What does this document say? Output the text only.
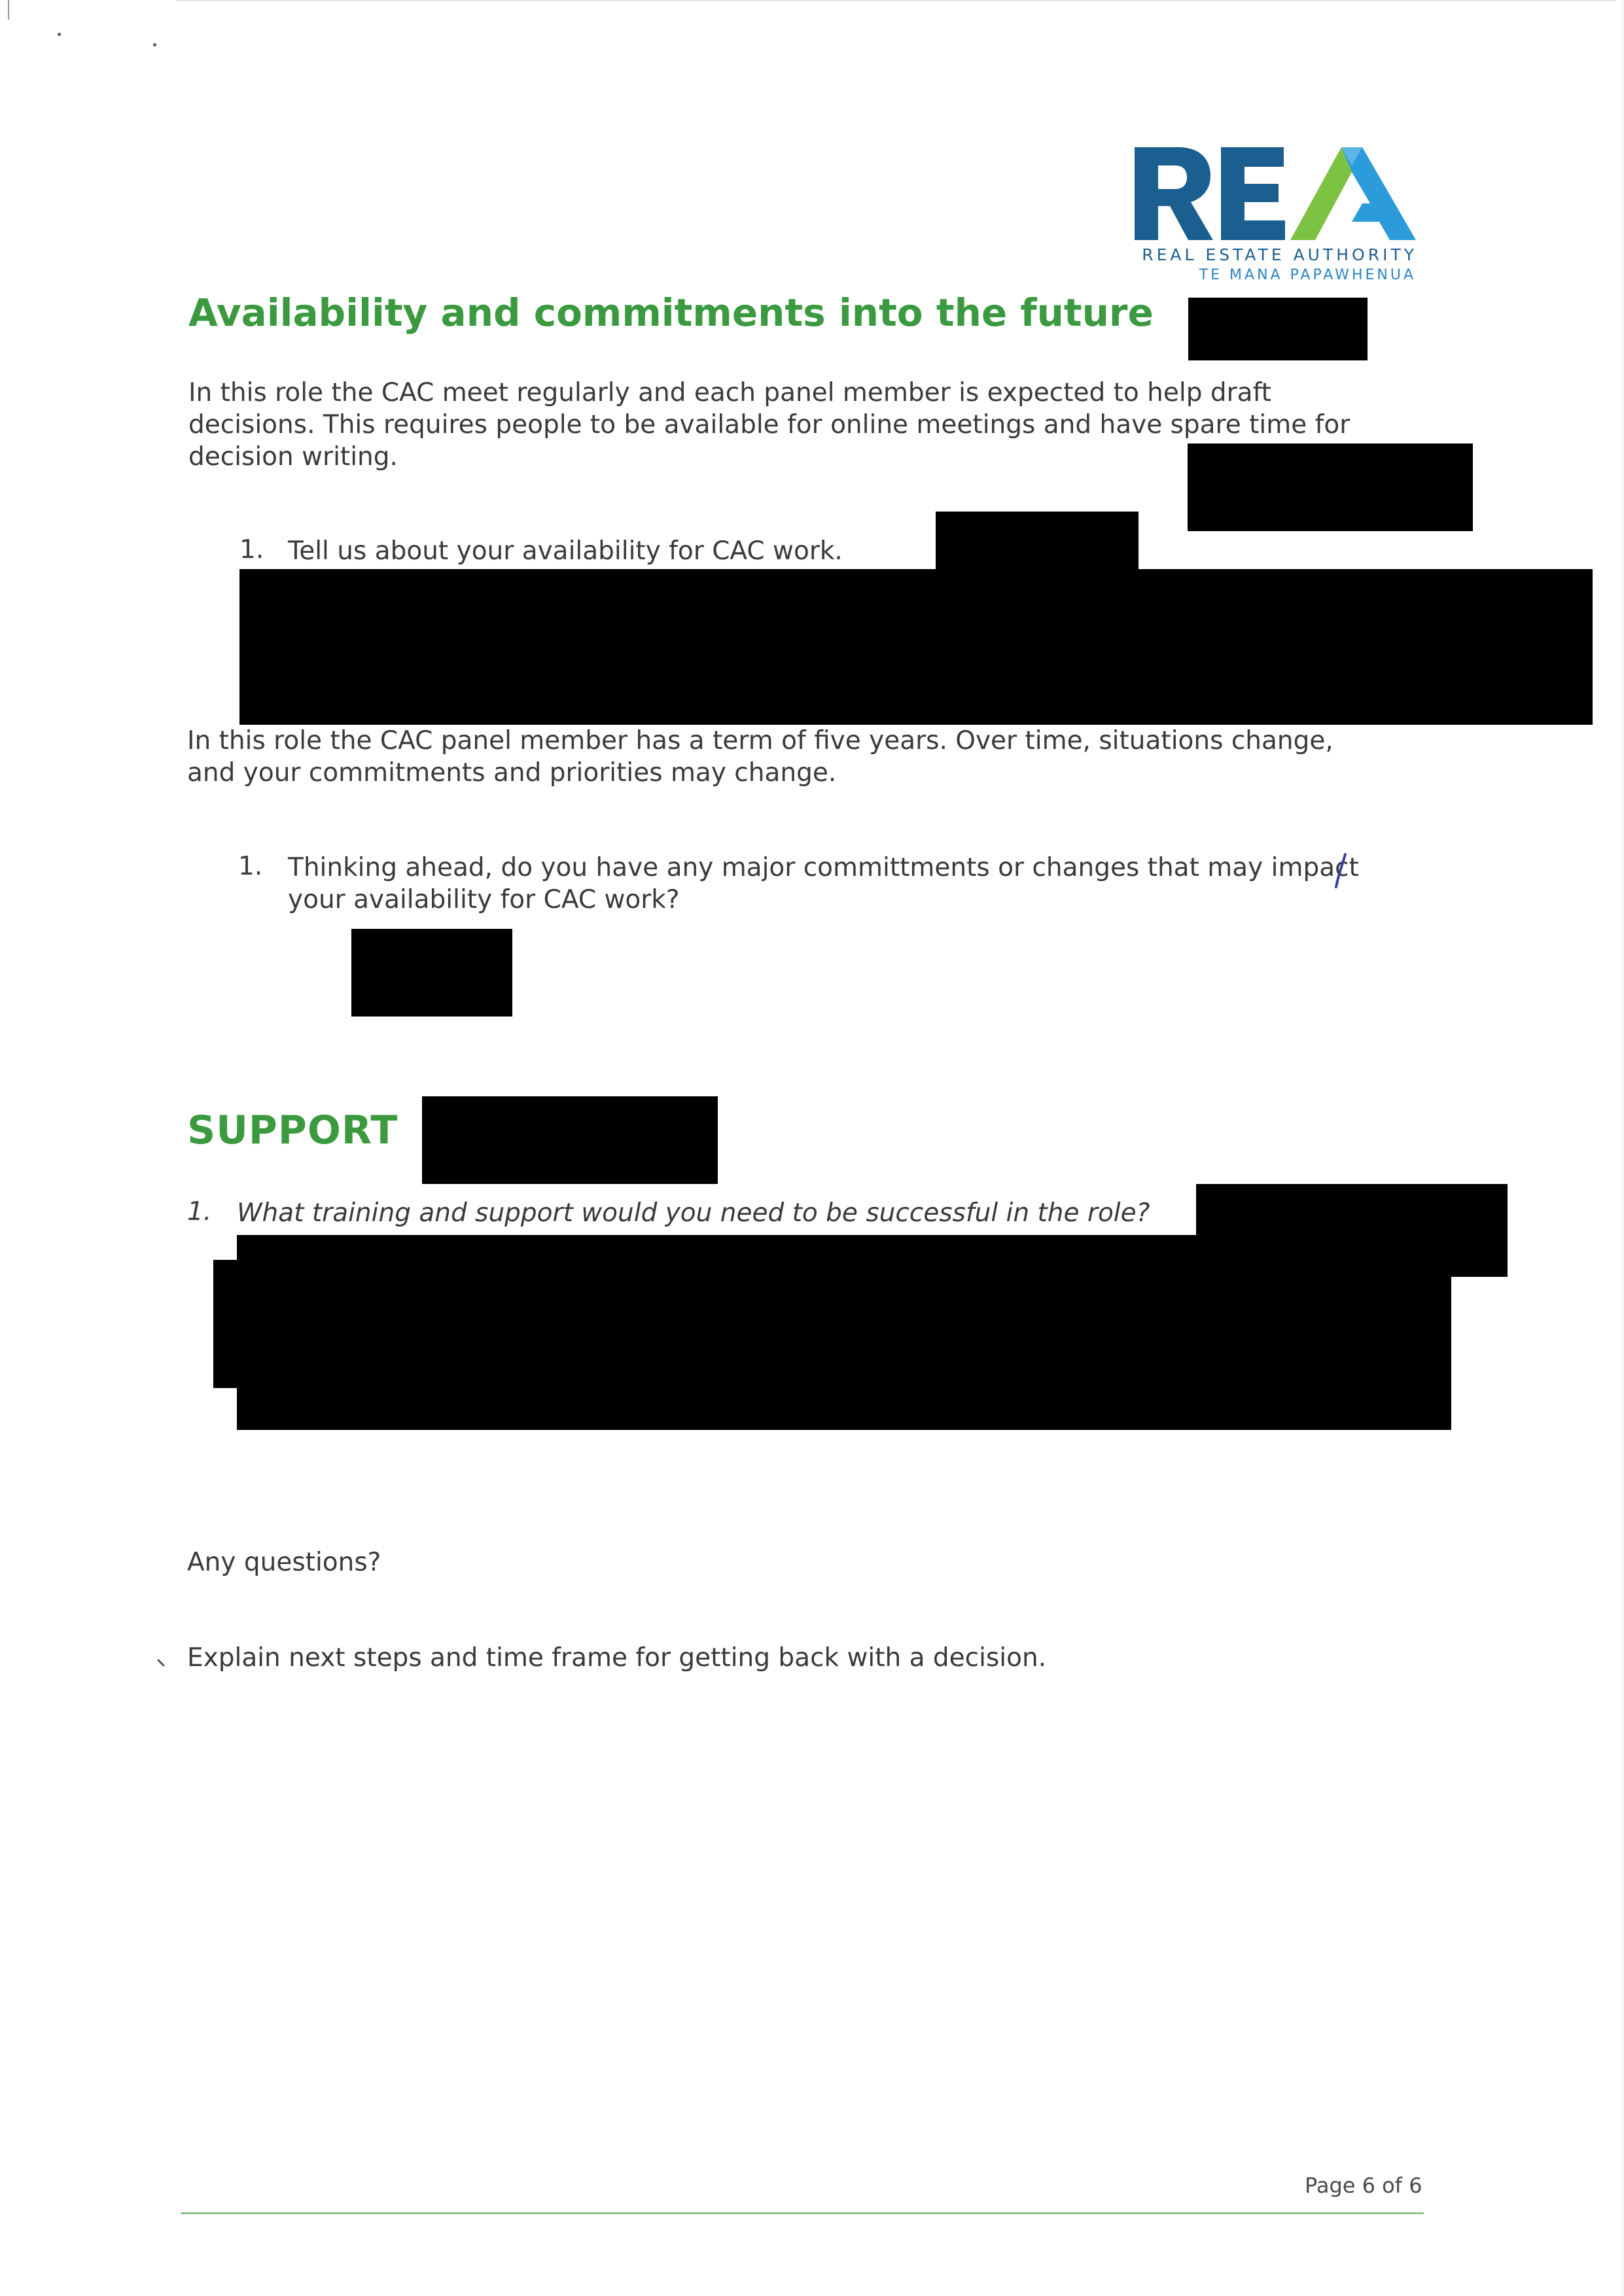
REAL ESTATE AUTHORITY
TE MANA PAPAWHENUA
Availability and commitments into the future
In this role the CAC meet regularly and each panel member is expected to help draft
decisions. This requires people to be available for online meetings and have spare time for
decision writing.
1. Tell us about your availability for CAC work.
In this role the CAC panel member has a term of five years. Over time, situations change,
and your commitments and priorities may change.
1. Thinking ahead, do you have any major committments or changes that may impact
your availability for CAC work?
SUPPORT
1. What training and support would you need to be successful in the role?
Any questions?
Explain next steps and time frame for getting back with a decision.
Page 6 of 6
